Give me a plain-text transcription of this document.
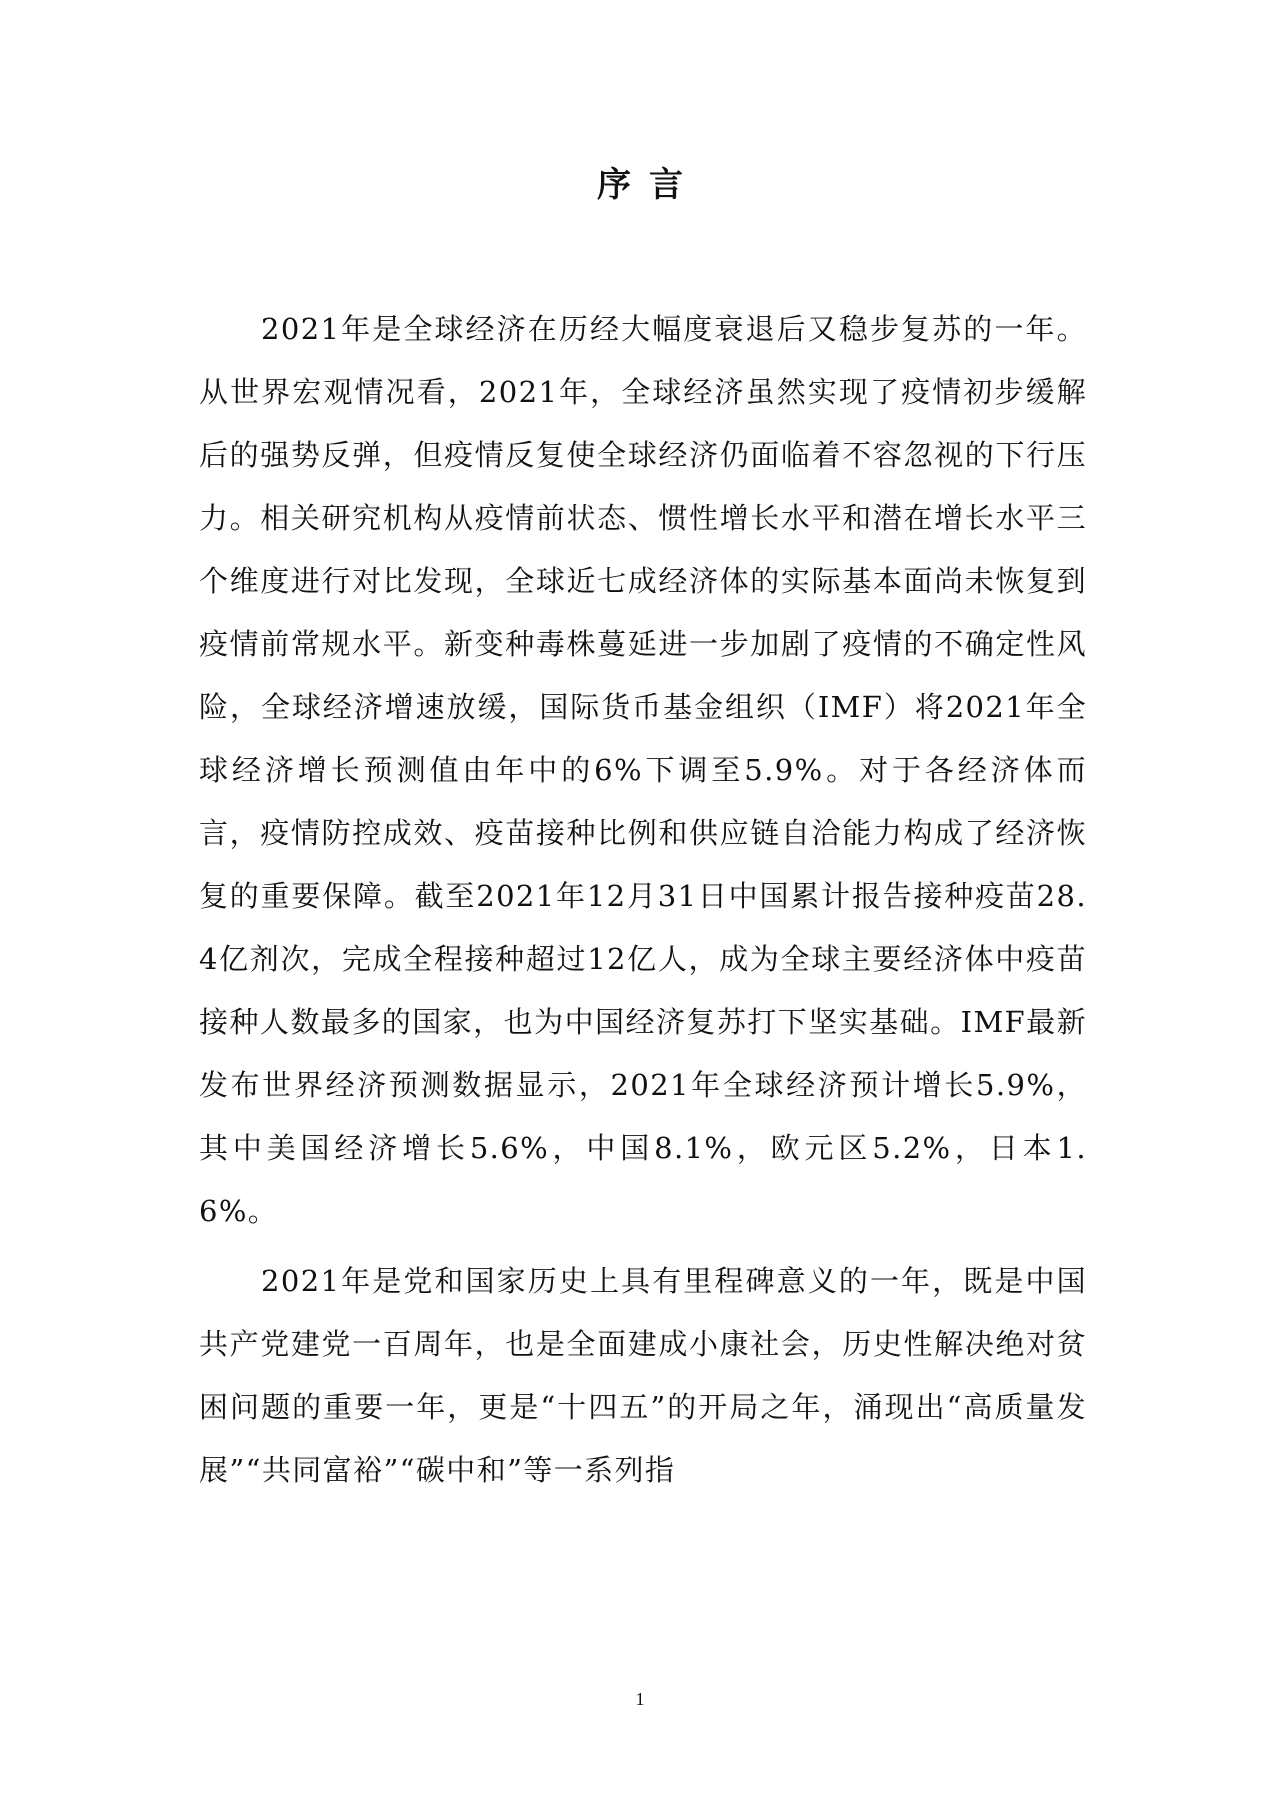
序言

2021年是全球经济在历经大幅度衰退后又稳步复苏的一年。从世界宏观情况看，2021年，全球经济虽然实现了疫情初步缓解后的强势反弹，但疫情反复使全球经济仍面临着不容忽视的下行压力。相关研究机构从疫情前状态、惯性增长水平和潜在增长水平三个维度进行对比发现，全球近七成经济体的实际基本面尚未恢复到疫情前常规水平。新变种毒株蔓延进一步加剧了疫情的不确定性风险，全球经济增速放缓，国际货币基金组织（IMF）将2021年全球经济增长预测值由年中的6%下调至5.9%。对于各经济体而言，疫情防控成效、疫苗接种比例和供应链自洽能力构成了经济恢复的重要保障。截至2021年12月31日中国累计报告接种疫苗28.4亿剂次，完成全程接种超过12亿人，成为全球主要经济体中疫苗接种人数最多的国家，也为中国经济复苏打下坚实基础。IMF最新发布世界经济预测数据显示，2021年全球经济预计增长5.9%，其中美国经济增长5.6%，中国8.1%，欧元区5.2%，日本1.6%。

2021年是党和国家历史上具有里程碑意义的一年，既是中国共产党建党一百周年，也是全面建成小康社会，历史性解决绝对贫困问题的重要一年，更是“十四五”的开局之年，涌现出“高质量发展”“共同富裕”“碳中和”等一系列指

1
